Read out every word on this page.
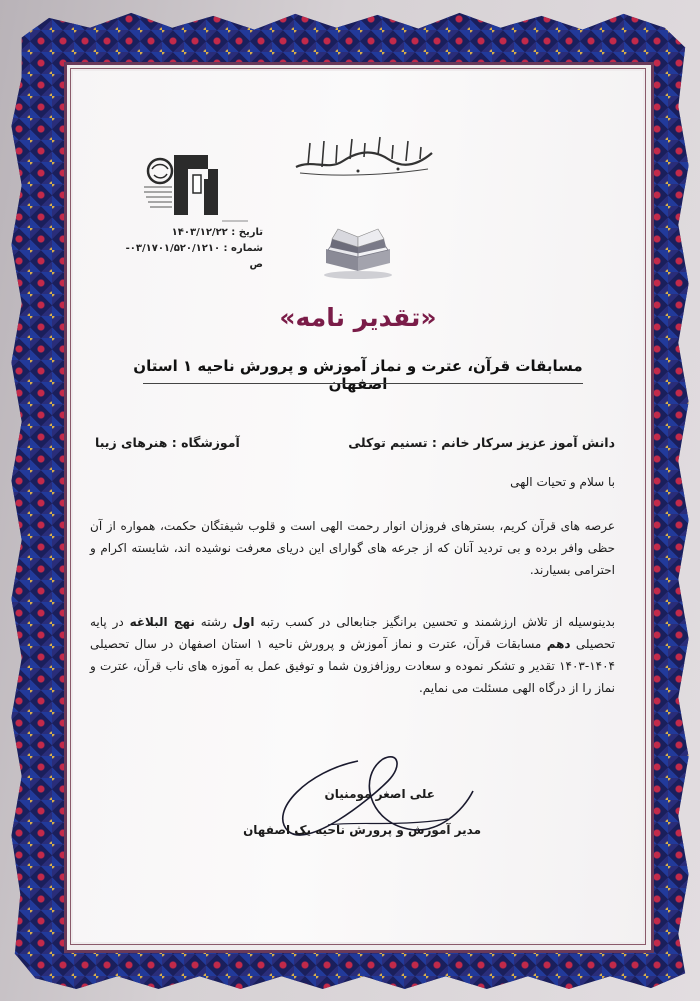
تاریخ : ۱۴۰۳/۱۲/۲۲
شماره : ۰۳/۱۷۰۱/۵۲۰/۱۲۱۰-ص
«تقدیر نامه»
مسابقات قرآن، عترت و نماز آموزش و پرورش ناحیه ۱ استان اصفهان
دانش آموز عزیز سرکار خانم : تسنیم توکلی
آموزشگاه : هنرهای زیبا
با سلام و تحیات الهی
عرصه های قرآن کریم، بسترهای فروزان انوار رحمت الهی است و قلوب شیفتگان حکمت، همواره از آن حظی وافر برده و بی تردید آنان که از جرعه های گوارای این دریای معرفت نوشیده اند، شایسته اکرام و احترامی بسیارند.
بدینوسیله از تلاش ارزشمند و تحسین برانگیز جنابعالی در کسب رتبه اول رشته نهج البلاغه در پایه تحصیلی دهم مسابقات قرآن، عترت و نماز آموزش و پرورش ناحیه ۱ استان اصفهان در سال تحصیلی ۱۴۰۴-۱۴۰۳ تقدیر و تشکر نموده و سعادت روزافزون شما و توفیق عمل به آموزه های ناب قرآن، عترت و نماز را از درگاه الهی مسئلت می نمایم.
علی اصغر مومنیان
مدیر آموزش و پرورش ناحیه یک اصفهان
